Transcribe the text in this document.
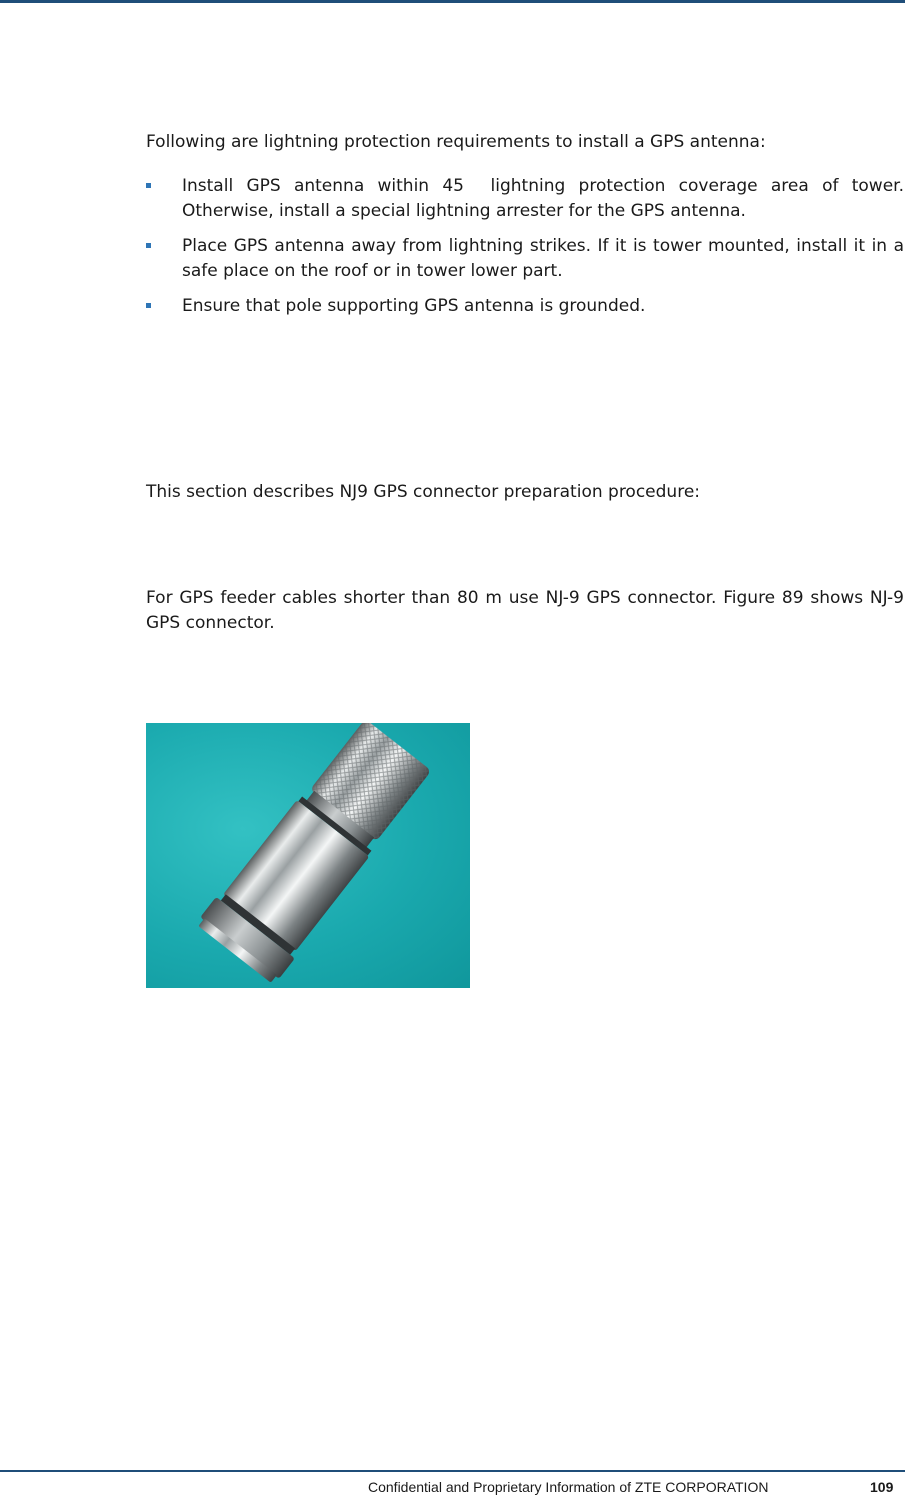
Following are lightning protection requirements to install a GPS antenna:

Install GPS antenna within 45  lightning protection coverage area of tower. Otherwise, install a special lightning arrester for the GPS antenna.
Place GPS antenna away from lightning strikes. If it is tower mounted, install it in a safe place on the roof or in tower lower part.
Ensure that pole supporting GPS antenna is grounded.

This section describes NJ9 GPS connector preparation procedure:

For GPS feeder cables shorter than 80 m use NJ-9 GPS connector. Figure 89 shows NJ-9 GPS connector.

Confidential and Proprietary Information of ZTE CORPORATION	109
